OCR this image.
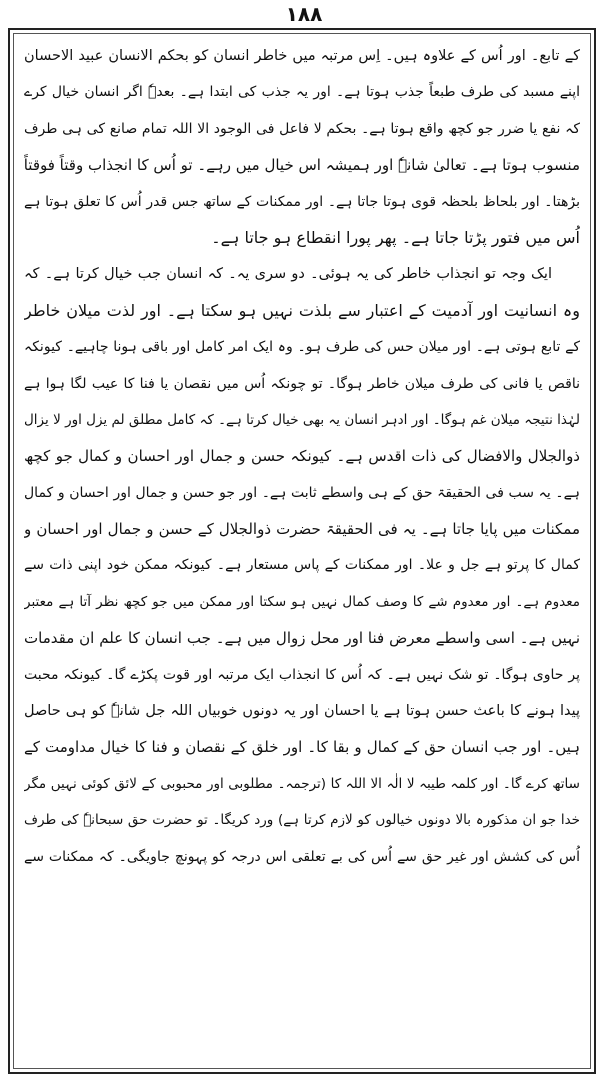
۱۸۸
کے تابع۔ اور اُس کے علاوہ ہیں۔ اِس مرتبہ میں خاطر انسان کو بحکم الانسان عبید الاحسان
اپنے مسبد کی طرف طبعاً جذب ہوتا ہے۔ اور یہ جذب کی ابتدا ہے۔ بعدہٗ اگر انسان خیال کرے
کہ نفع یا ضرر جو کچھ واقع ہوتا ہے۔ بحکم لا فاعل فی الوجود الا اللہ تمام صانع کی ہی طرف
منسوب ہوتا ہے۔ تعالیٰ شانہٗ اور ہمیشہ اس خیال میں رہے۔ تو اُس کا انجذاب وقتاً فوقتاً
بڑھتا۔ اور بلحاظ بلحظہ قوی ہوتا جاتا ہے۔ اور ممکنات کے ساتھ جس قدر اُس کا تعلق ہوتا ہے
اُس میں فتور پڑتا جاتا ہے۔ پھر پورا انقطاع ہو جاتا ہے۔
ایک وجہ تو انجذاب خاطر کی یہ ہوئی۔ دو سری یہ۔ کہ انسان جب خیال کرتا ہے۔ کہ
وہ انسانیت اور آدمیت کے اعتبار سے بلذت نہیں ہو سکتا ہے۔ اور لذت میلان خاطر
کے تابع ہوتی ہے۔ اور میلان حس کی طرف ہو۔ وہ ایک امر کامل اور باقی ہونا چاہیے۔ کیونکہ
ناقص یا فانی کی طرف میلان خاطر ہوگا۔ تو چونکہ اُس میں نقصان یا فنا کا عیب لگا ہوا ہے
لہٰذا نتیجہ میلان غم ہوگا۔ اور ادہر انسان یہ بھی خیال کرتا ہے۔ کہ کامل مطلق لم یزل اور لا یزال
ذوالجلال والافضال کی ذات اقدس ہے۔ کیونکہ حسن و جمال اور احسان و کمال جو کچھ
ہے۔ یہ سب فی الحقیقۃ حق کے ہی واسطے ثابت ہے۔ اور جو حسن و جمال اور احسان و کمال
ممکنات میں پایا جاتا ہے۔ یہ فی الحقیقۃ حضرت ذوالجلال کے حسن و جمال اور احسان و
کمال کا پرتو ہے جل و علا۔ اور ممکنات کے پاس مستعار ہے۔ کیونکہ ممکن خود اپنی ذات سے
معدوم ہے۔ اور معدوم شے کا وصف کمال نہیں ہو سکتا اور ممکن میں جو کچھ نظر آتا ہے معتبر
نہیں ہے۔ اسی واسطے معرض فنا اور محل زوال میں ہے۔ جب انسان کا علم ان مقدمات
پر حاوی ہوگا۔ تو شک نہیں ہے۔ کہ اُس کا انجذاب ایک مرتبہ اور قوت پکڑے گا۔ کیونکہ محبت
پیدا ہونے کا باعث حسن ہوتا ہے یا احسان اور یہ دونوں خوبیاں اللہ جل شانہٗ کو ہی حاصل
ہیں۔ اور جب انسان حق کے کمال و بقا کا۔ اور خلق کے نقصان و فنا کا خیال مداومت کے
ساتھ کرے گا۔ اور کلمہ طیبہ لا الٰہ الا اللہ کا (ترجمہ۔ مطلوبی اور محبوبی کے لائق کوئی نہیں مگر
خدا جو ان مذکورہ بالا دونوں خیالوں کو لازم کرتا ہے) ورد کریگا۔ تو حضرت حق سبحانہٗ کی طرف
اُس کی کشش اور غیر حق سے اُس کی بے تعلقی اس درجہ کو پہونچ جاویگی۔ کہ ممکنات سے
